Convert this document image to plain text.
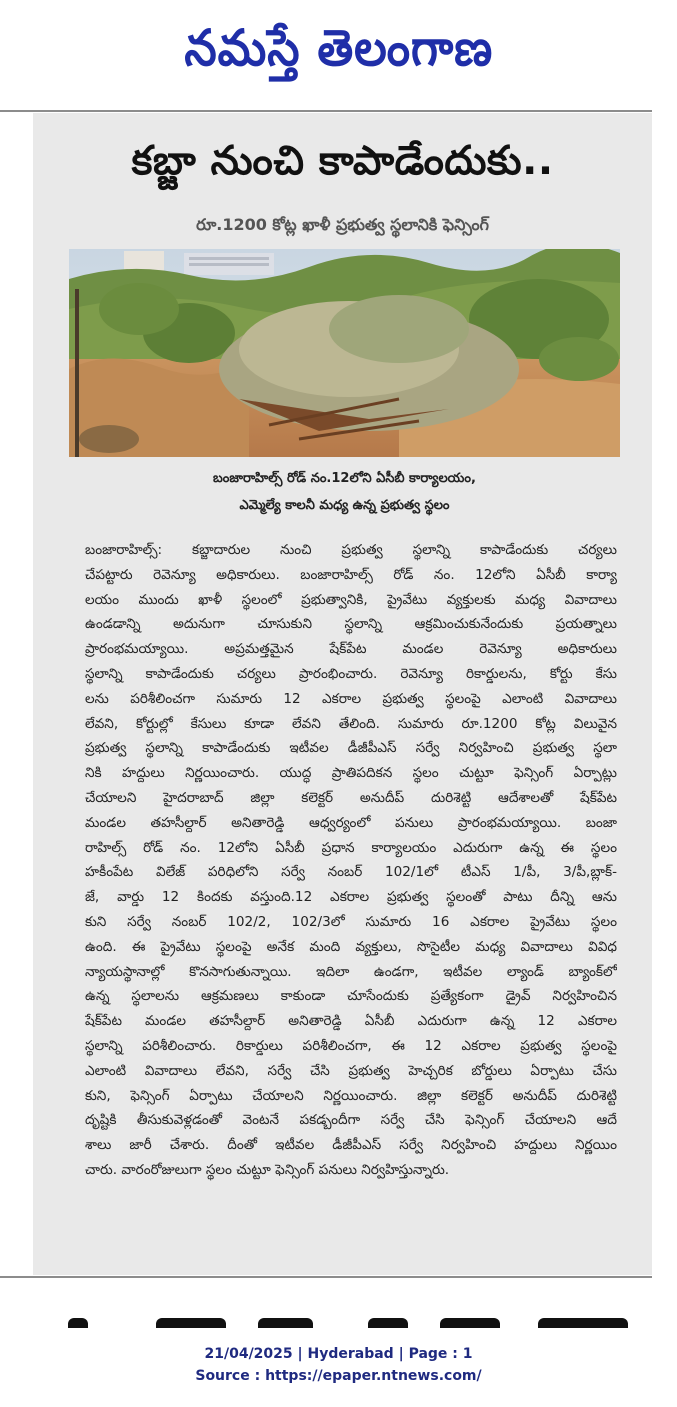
నమస్తే తెలంగాణ
కబ్జా నుంచి కాపాడేందుకు..
రూ.1200 కోట్ల ఖాళీ ప్రభుత్వ స్థలానికి ఫెన్సింగ్
బంజారాహిల్స్ రోడ్ నం.12లోని ఏసీబీ కార్యాలయం,
ఎమ్మెల్యే కాలనీ మధ్య ఉన్న ప్రభుత్వ స్థలం
బంజారాహిల్స్: కబ్జాదారుల నుంచి ప్రభుత్వ స్థలాన్ని కాపాడేందుకు చర్యలు
చేపట్టారు రెవెన్యూ అధికారులు. బంజారాహిల్స్ రోడ్ నం. 12లోని ఏసీబీ కార్యా
లయం ముందు ఖాళీ స్థలంలో ప్రభుత్వానికి, ప్రైవేటు వ్యక్తులకు మధ్య వివాదాలు
ఉండడాన్ని అదునుగా చూసుకుని స్థలాన్ని ఆక్రమించుకునేందుకు ప్రయత్నాలు
ప్రారంభమయ్యాయి. అప్రమత్తమైన షేక్‌పేట మండల రెవెన్యూ అధికారులు
స్థలాన్ని కాపాడేందుకు చర్యలు ప్రారంభించారు. రెవెన్యూ రికార్డులను, కోర్టు కేసు
లను పరిశీలించగా సుమారు 12 ఎకరాల ప్రభుత్వ స్థలంపై ఎలాంటి వివాదాలు
లేవని, కోర్టుల్లో కేసులు కూడా లేవని తేలింది. సుమారు రూ.1200 కోట్ల విలువైన
ప్రభుత్వ స్థలాన్ని కాపాడేందుకు ఇటీవల డీజీపీఎస్ సర్వే నిర్వహించి ప్రభుత్వ స్థలా
నికి హద్దులు నిర్ణయించారు. యుద్ధ ప్రాతిపదికన స్థలం చుట్టూ ఫెన్సింగ్ ఏర్పాట్లు
చేయాలని హైదరాబాద్ జిల్లా కలెక్టర్ అనుదీప్ దురిశెట్టి ఆదేశాలతో షేక్‌పేట
మండల తహసీల్దార్ అనితారెడ్డి ఆధ్వర్యంలో పనులు ప్రారంభమయ్యాయి. బంజా
రాహిల్స్ రోడ్ నం. 12లోని ఏసీబీ ప్రధాన కార్యాలయం ఎదురుగా ఉన్న ఈ స్థలం
హకీంపేట విలేజ్ పరిధిలోని సర్వే నంబర్ 102/1లో టీఎస్ 1/పీ, 3/పీ,బ్లాక్-
జే, వార్డు 12 కిందకు వస్తుంది.12 ఎకరాల ప్రభుత్వ స్థలంతో పాటు దీన్ని ఆను
కుని సర్వే నంబర్ 102/2, 102/3లో సుమారు 16 ఎకరాల ప్రైవేటు స్థలం
ఉంది. ఈ ప్రైవేటు స్థలంపై అనేక మంది వ్యక్తులు, సొసైటీల మధ్య వివాదాలు వివిధ
న్యాయస్థానాల్లో కొనసాగుతున్నాయి. ఇదిలా ఉండగా, ఇటీవల ల్యాండ్ బ్యాంక్‌లో
ఉన్న స్థలాలను ఆక్రమణలు కాకుండా చూసేందుకు ప్రత్యేకంగా డ్రైవ్ నిర్వహించిన
షేక్‌పేట మండల తహసీల్దార్ అనితారెడ్డి ఏసీబీ ఎదురుగా ఉన్న 12 ఎకరాల
స్థలాన్ని పరిశీలించారు. రికార్డులు పరిశీలించగా, ఈ 12 ఎకరాల ప్రభుత్వ స్థలంపై
ఎలాంటి వివాదాలు లేవని, సర్వే చేసి ప్రభుత్వ హెచ్చరిక బోర్డులు ఏర్పాటు చేసు
కుని, ఫెన్సింగ్ ఏర్పాటు చేయాలని నిర్ణయించారు. జిల్లా కలెక్టర్ అనుదీప్ దురిశెట్టి
దృష్టికి తీసుకువెళ్లడంతో వెంటనే పకడ్బందీగా సర్వే చేసి ఫెన్సింగ్ చేయాలని ఆదే
శాలు జారీ చేశారు. దీంతో ఇటీవల డీజీపీఎస్ సర్వే నిర్వహించి హద్దులు నిర్ణయిం
చారు. వారంరోజులుగా స్థలం చుట్టూ ఫెన్సింగ్ పనులు నిర్వహిస్తున్నారు.
21/04/2025 | Hyderabad | Page : 1
Source : https://epaper.ntnews.com/
